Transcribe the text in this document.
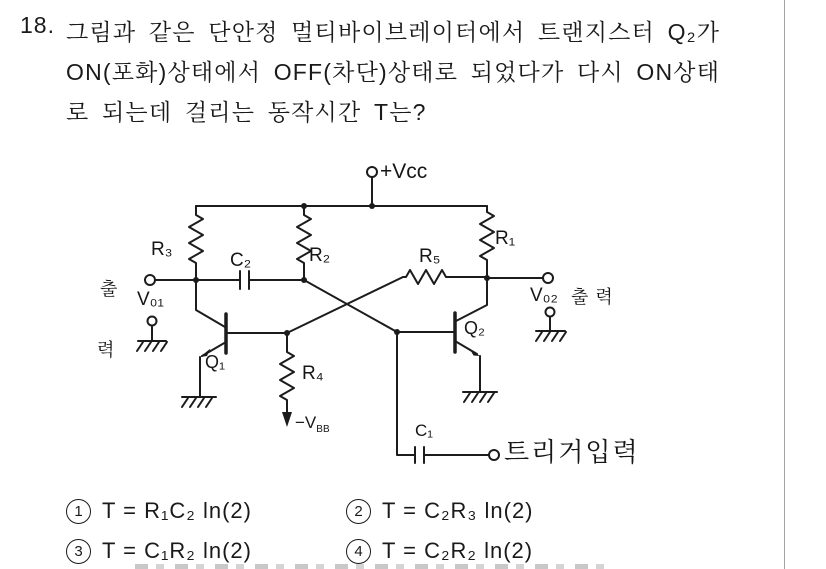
18. 그림과 같은 단안정 멀티바이브레이터에서 트랜지스터 Q₂가
ON(포화)상태에서 OFF(차단)상태로 되었다가 다시 ON상태
로 되는데 걸리는 동작시간 T는?
+Vcc
R₃
C₂	R₂	R₅
R₁
V₀₁
출
력
Q₁
R₄
$-V_{BB}$
Q₂
V₀₂ 출력
C₁
트리거입력
1 T = R₁C₂ ln(2)	2 T = C₂R₃ ln(2)
3 T = C₁R₂ ln(2)	4 T = C₂R₂ ln(2)
